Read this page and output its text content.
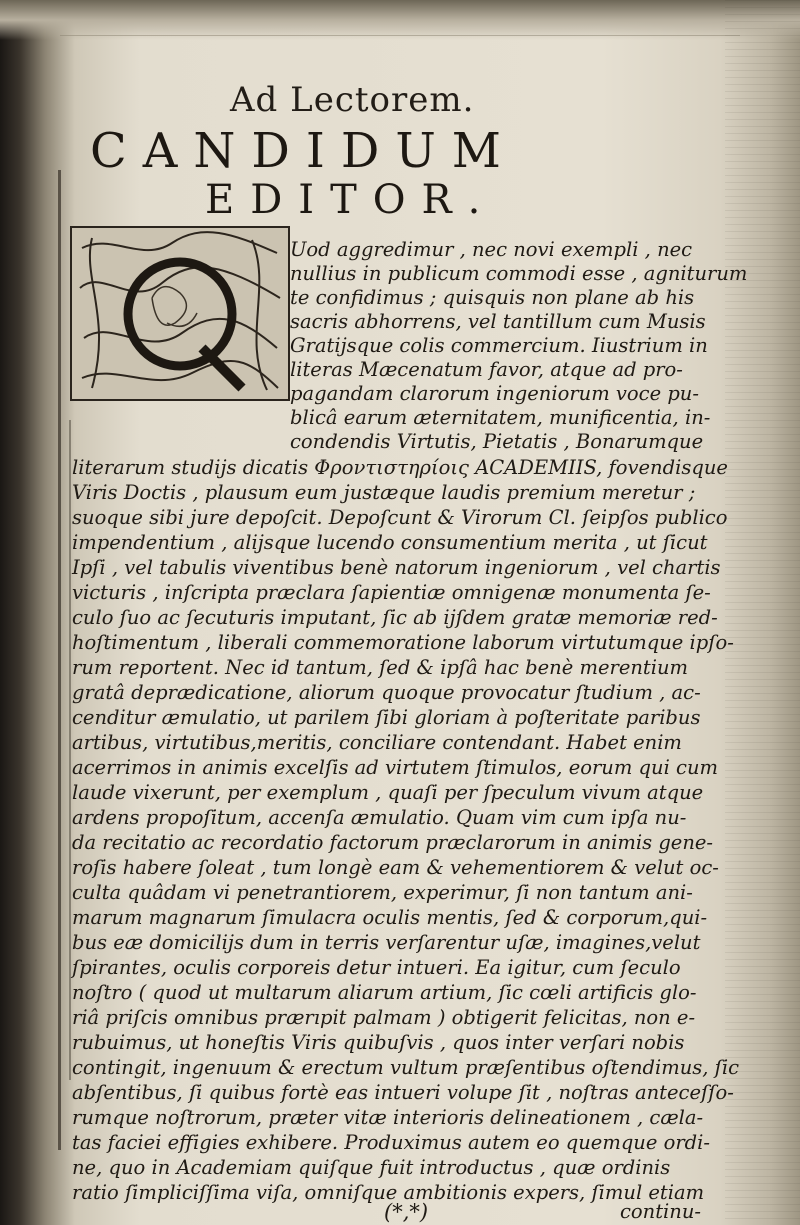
Ad Lectorem.
CANDIDUM
EDITOR.
Uod aggredimur , nec novi exempli , nec
nullius in publicum commodi esse , agniturum
te confidimus ; quisquis non plane ab his
sacris abhorrens, vel tantillum cum Musis
Gratijsque colis commercium. Iiustrium in
literas Mæcenatum favor, atque ad pro-
pagandam clarorum ingeniorum voce pu-
blicâ earum æternitatem, munificentia, in-
condendis Virtutis, Pietatis , Bonarumque
literarum studijs dicatis Φροντιστηρίοις ACADEMIIS, fovendisque
Viris Doctis , plausum eum justæque laudis premium meretur ;
suoque sibi jure depoſcit. Depoſcunt & Virorum Cl. ſeipſos publico
impendentium , alijsque lucendo consumentium merita , ut ſicut
Ipſi , vel tabulis viventibus benè natorum ingeniorum , vel chartis
victuris , inſcripta præclara ſapientiæ omnigenæ monumenta ſe-
culo ſuo ac ſecuturis imputant, ſic ab ijſdem gratæ memoriæ red-
hoſtimentum , liberali commemoratione laborum virtutumque ipſo-
rum reportent. Nec id tantum, ſed & ipſâ hac benè merentium
gratâ deprædicatione, aliorum quoque provocatur ſtudium , ac-
cenditur æmulatio, ut parilem ſibi gloriam à poſteritate paribus
artibus, virtutibus,meritis, conciliare contendant. Habet enim
acerrimos in animis excelſis ad virtutem ſtimulos, eorum qui cum
laude vixerunt, per exemplum , quaſi per ſpeculum vivum atque
ardens propoſitum, accenſa æmulatio. Quam vim cum ipſa nu-
da recitatio ac recordatio factorum præclarorum in animis gene-
roſis habere ſoleat , tum longè eam & vehementiorem & velut oc-
culta quâdam vi penetrantiorem, experimur, ſi non tantum ani-
marum magnarum ſimulacra oculis mentis, ſed & corporum,qui-
bus eæ domicilijs dum in terris verſarentur uſæ, imagines,velut
ſpirantes, oculis corporeis detur intueri. Ea igitur, cum ſeculo
noſtro ( quod ut multarum aliarum artium, ſic cœli artificis glo-
riâ priſcis omnibus prærıpit palmam ) obtigerit felicitas, non e-
rubuimus, ut honeſtis Viris quibuſvis , quos inter verſari nobis
contingit, ingenuum & erectum vultum præſentibus oſtendimus, ſic
abſentibus, ſi quibus fortè eas intueri volupe ſit , noſtras anteceſſo-
rumque noſtrorum, præter vitæ interioris delineationem , cæla-
tas faciei effigies exhibere. Produximus autem eo quemque ordi-
ne, quo in Academiam quiſque fuit introductus , quæ ordinis
ratio ſimpliciſſima viſa, omniſque ambitionis expers, ſimul etiam
(*,*)	continu-
